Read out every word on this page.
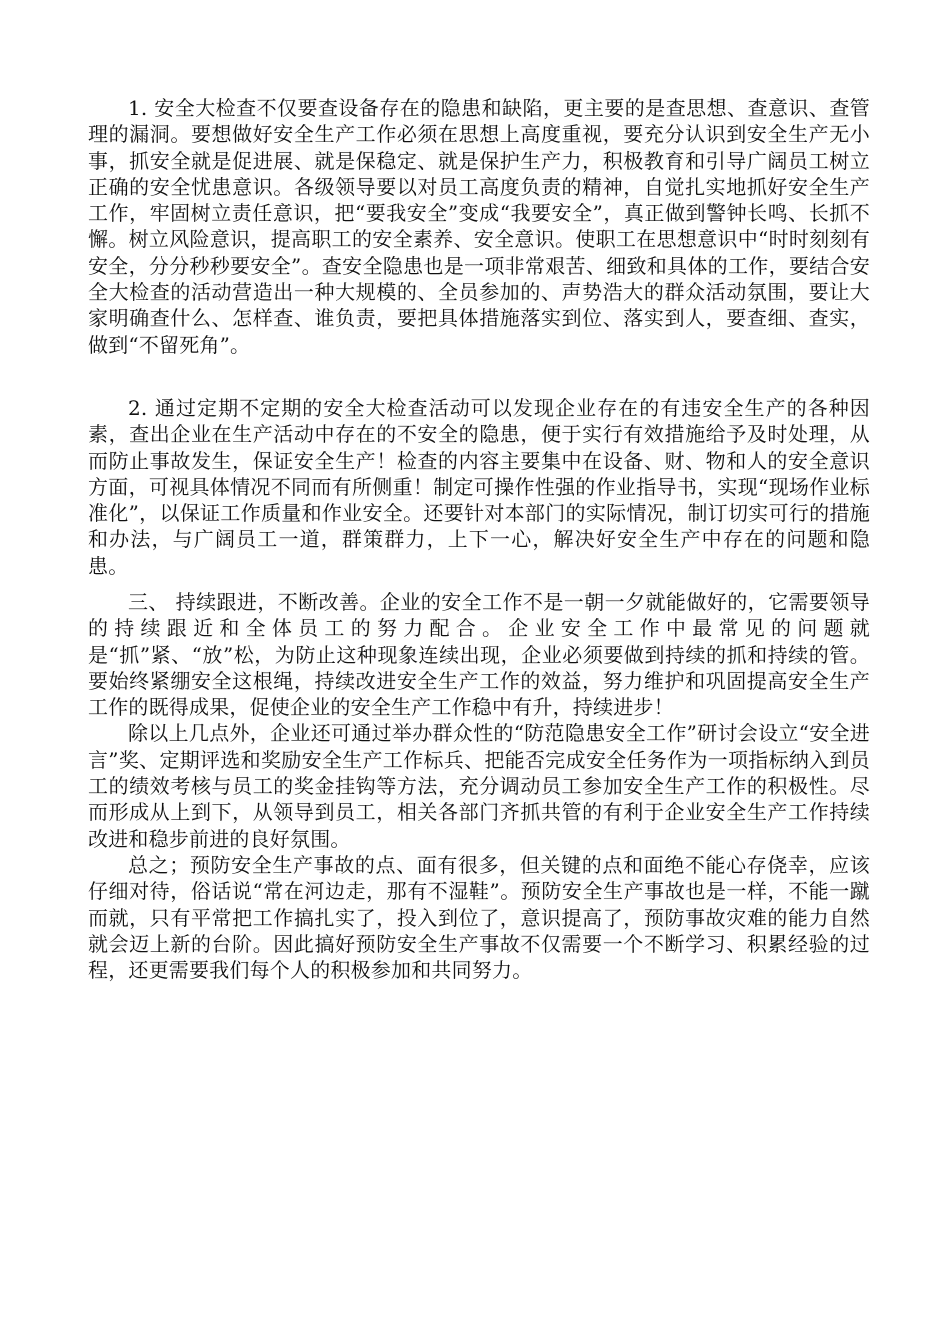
1. 安全大检查不仅要查设备存在的隐患和缺陷，更主要的是查思想、查意识、查管理的漏洞。要想做好安全生产工作必须在思想上高度重视，要充分认识到安全生产无小事，抓安全就是促进展、就是保稳定、就是保护生产力，积极教育和引导广阔员工树立正确的安全忧患意识。各级领导要以对员工高度负责的精神，自觉扎实地抓好安全生产工作，牢固树立责任意识，把“要我安全”变成“我要安全”，真正做到警钟长鸣、长抓不懈。树立风险意识，提高职工的安全素养、安全意识。使职工在思想意识中“时时刻刻有安全，分分秒秒要安全”。查安全隐患也是一项非常艰苦、细致和具体的工作，要结合安全大检查的活动营造出一种大规模的、全员参加的、声势浩大的群众活动氛围，要让大家明确查什么、怎样查、谁负责，要把具体措施落实到位、落实到人，要查细、查实，做到“不留死角”。

2. 通过定期不定期的安全大检查活动可以发现企业存在的有违安全生产的各种因素，查出企业在生产活动中存在的不安全的隐患，便于实行有效措施给予及时处理，从而防止事故发生，保证安全生产！检查的内容主要集中在设备、财、物和人的安全意识方面，可视具体情况不同而有所侧重！制定可操作性强的作业指导书，实现“现场作业标准化”，以保证工作质量和作业安全。还要针对本部门的实际情况，制订切实可行的措施和办法，与广阔员工一道，群策群力，上下一心，解决好安全生产中存在的问题和隐患。

三、 持续跟进，不断改善。企业的安全工作不是一朝一夕就能做好的，它需要领导的持续跟近和全体员工的努力配合。企业安全工作中最常见的问题就是“抓”紧、“放”松，为防止这种现象连续出现，企业必须要做到持续的抓和持续的管。要始终紧绷安全这根绳，持续改进安全生产工作的效益，努力维护和巩固提高安全生产工作的既得成果，促使企业的安全生产工作稳中有升，持续进步！

除以上几点外，企业还可通过举办群众性的“防范隐患安全工作”研讨会设立“安全进言”奖、定期评选和奖励安全生产工作标兵、把能否完成安全任务作为一项指标纳入到员工的绩效考核与员工的奖金挂钩等方法，充分调动员工参加安全生产工作的积极性。尽而形成从上到下，从领导到员工，相关各部门齐抓共管的有利于企业安全生产工作持续改进和稳步前进的良好氛围。

总之；预防安全生产事故的点、面有很多，但关键的点和面绝不能心存侥幸，应该仔细对待，俗话说“常在河边走，那有不湿鞋”。预防安全生产事故也是一样，不能一蹴而就，只有平常把工作搞扎实了，投入到位了，意识提高了，预防事故灾难的能力自然就会迈上新的台阶。因此搞好预防安全生产事故不仅需要一个不断学习、积累经验的过程，还更需要我们每个人的积极参加和共同努力。
